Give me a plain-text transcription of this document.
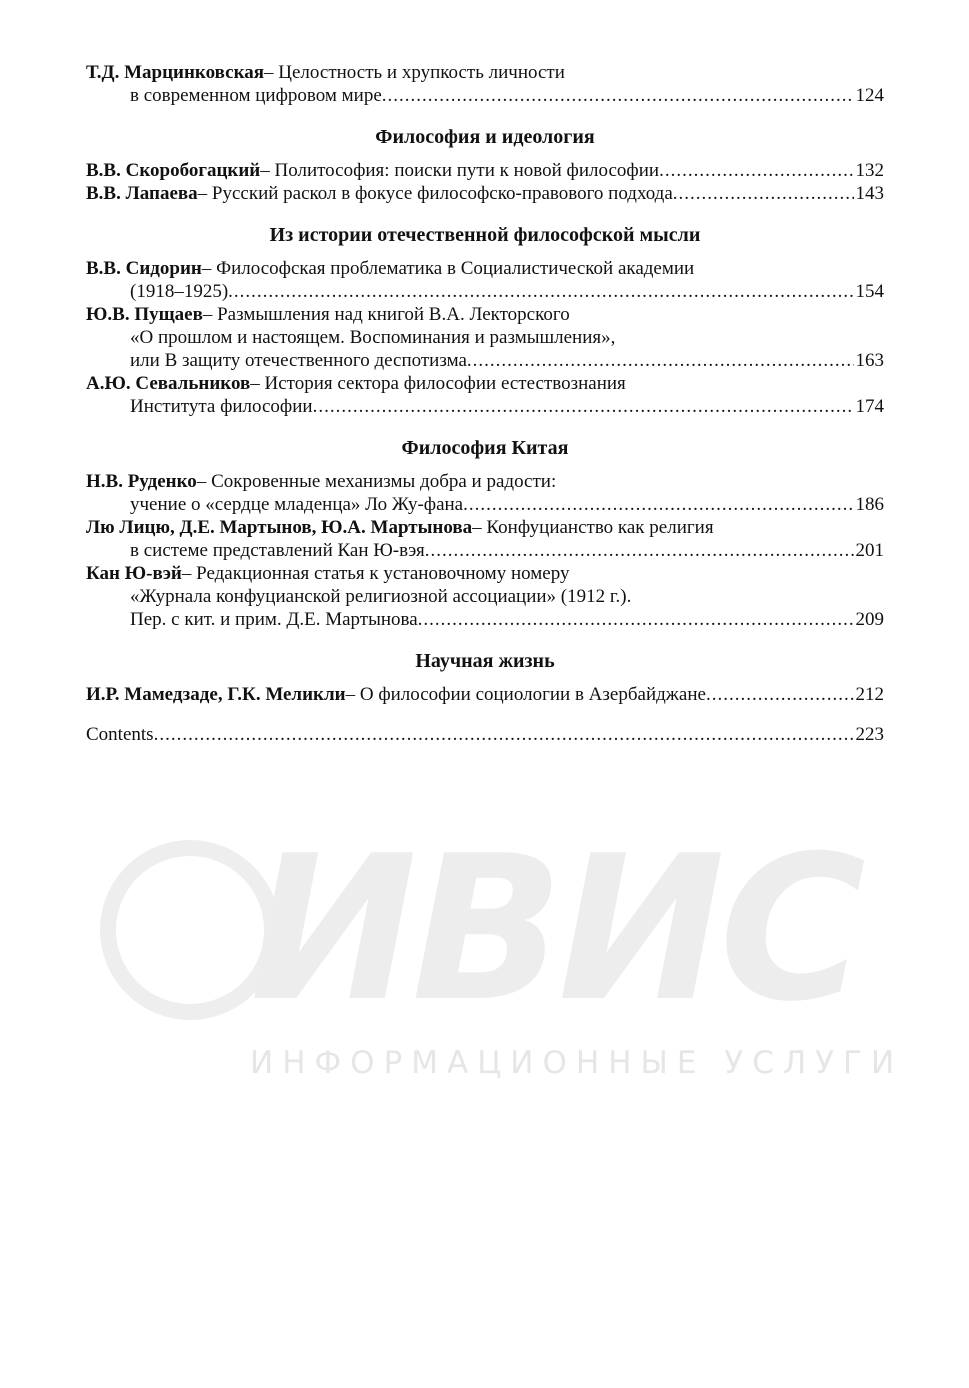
ИВИС
ИНФОРМАЦИОННЫЕ УСЛУГИ
Т.Д. Марцинковская – Целостность и хрупкость личности
в современном цифровом мире .....	124
Философия и идеология
В.В. Скоробогацкий – Политософия: поиски пути к новой философии .....	132
В.В. Лапаева – Русский раскол в фокусе философско-правового подхода .....	143
Из истории отечественной философской мысли
В.В. Сидорин – Философская проблематика в Социалистической академии
(1918–1925) .....	154
Ю.В. Пущаев – Размышления над книгой В.А. Лекторского
«О прошлом и настоящем. Воспоминания и размышления»,
или В защиту отечественного деспотизма .....	163
А.Ю. Севальников – История сектора философии естествознания
Института философии .....	174
Философия Китая
Н.В. Руденко – Сокровенные механизмы добра и радости:
учение о «сердце младенца» Ло Жу-фана .....	186
Лю Лицю, Д.Е. Мартынов, Ю.А. Мартынова – Конфуцианство как религия
в системе представлений Кан Ю-вэя .....	201
Кан Ю-вэй – Редакционная статья к установочному номеру
«Журнала конфуцианской религиозной ассоциации» (1912 г.).
Пер. с кит. и прим. Д.Е. Мартынова .....	209
Научная жизнь
И.Р. Мамедзаде, Г.К. Меликли – О философии социологии в Азербайджане .....	212
Contents .....	223
